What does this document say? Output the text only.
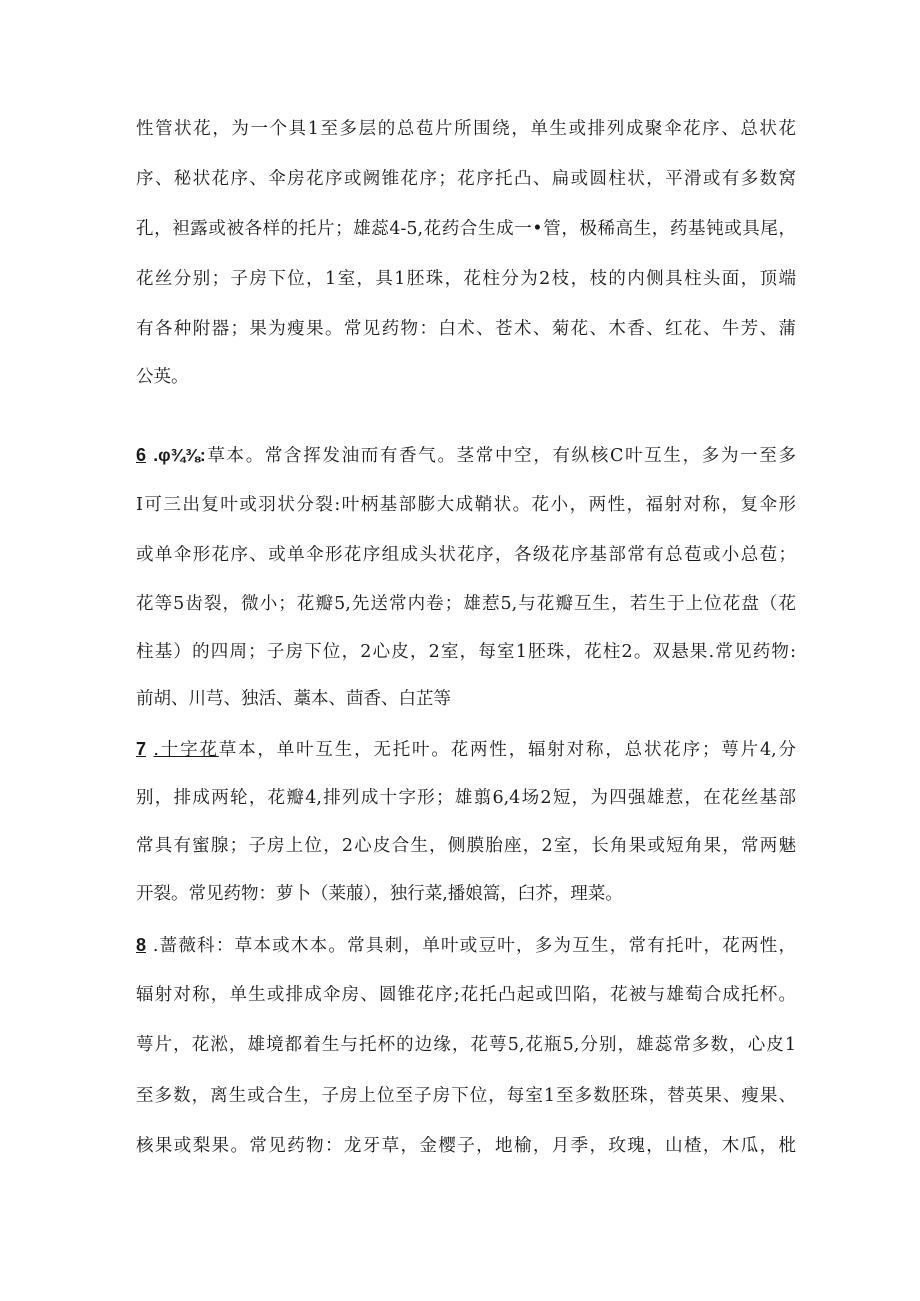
性管状花，为一个具1至多层的总苞片所围绕，单生或排列成聚伞花序、总状花
序、秘状花序、伞房花序或阙锥花序；花序托凸、扁或圆柱状，平滑或有多数窝
孔，袒露或被各样的托片；雄蕊4-5,花药合生成一•管，极稀高生，药基钝或具尾，
花丝分别；子房下位，1室，具1胚珠，花柱分为2枝，枝的内侧具柱头面，顶端
有各种附器；果为瘦果。常见药物：白术、苍术、菊花、木香、红花、牛芳、蒲
公英。
6 .φ¾⅜:草本。常含挥发油而有香气。茎常中空，有纵核C叶互生，多为一至多
I可三出复叶或羽状分裂:叶柄基部膨大成鞘状。花小，两性，福射对称，复伞形
或单伞形花序、或单伞形花序组成头状花序，各级花序基部常有总苞或小总苞；
花等5齿裂，微小；花瓣5,先送常内卷；雄惹5,与花瓣互生，若生于上位花盘（花
柱基）的四周；子房下位，2心皮，2室，每室1胚珠，花柱2。双悬果.常见药物:
前胡、川芎、独活、藁本、茴香、白芷等
7 .十字花草本，单叶互生，无托叶。花两性，辐射对称，总状花序；萼片4,分
别，排成两轮，花瓣4,排列成十字形；雄翦6,4场2短，为四强雄惹，在花丝基部
常具有蜜腺；子房上位，2心皮合生，侧膜胎座，2室，长角果或短角果，常两魅
开裂。常见药物：萝卜（莱菔），独行菜,播娘篙，臼芥，理菜。
8 .蔷薇科：草本或木本。常具刺，单叶或豆叶，多为互生，常有托叶，花两性，
辐射对称，单生或排成伞房、圆锥花序;花托凸起或凹陷，花被与雄萄合成托杯。
萼片，花淞，雄境都着生与托杯的边缘，花萼5,花瓶5,分别，雄蕊常多数，心皮1
至多数，离生或合生，子房上位至子房下位，每室1至多数胚珠，替英果、瘦果、
核果或梨果。常见药物：龙牙草，金樱子，地榆，月季，玫瑰，山楂，木瓜，枇
